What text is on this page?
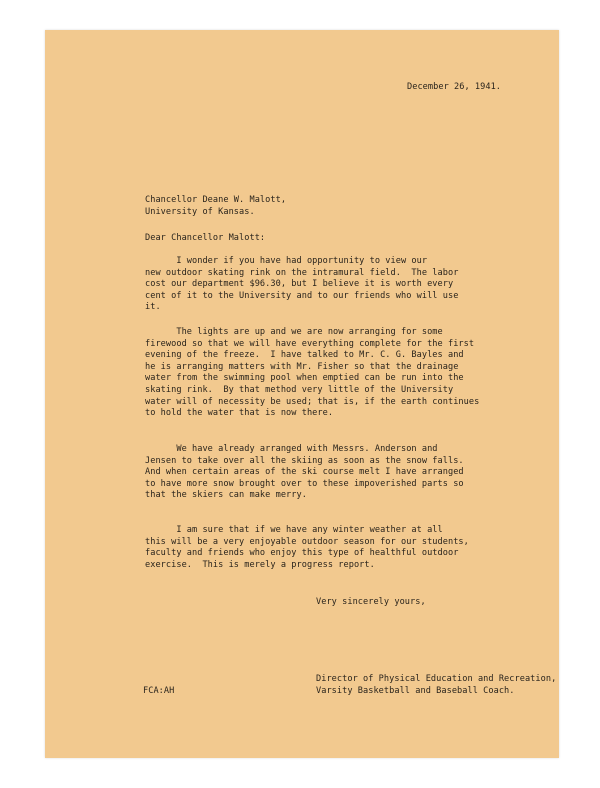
December 26, 1941.
Chancellor Deane W. Malott,
University of Kansas.
Dear Chancellor Malott:
I wonder if you have had opportunity to view our
new outdoor skating rink on the intramural field.  The labor
cost our department $96.30, but I believe it is worth every
cent of it to the University and to our friends who will use
it.
The lights are up and we are now arranging for some
firewood so that we will have everything complete for the first
evening of the freeze.  I have talked to Mr. C. G. Bayles and
he is arranging matters with Mr. Fisher so that the drainage
water from the swimming pool when emptied can be run into the
skating rink.  By that method very little of the University
water will of necessity be used; that is, if the earth continues
to hold the water that is now there.
We have already arranged with Messrs. Anderson and
Jensen to take over all the skiing as soon as the snow falls.
And when certain areas of the ski course melt I have arranged
to have more snow brought over to these impoverished parts so
that the skiers can make merry.
I am sure that if we have any winter weather at all
this will be a very enjoyable outdoor season for our students,
faculty and friends who enjoy this type of healthful outdoor
exercise.  This is merely a progress report.
Very sincerely yours,
Director of Physical Education and Recreation,
Varsity Basketball and Baseball Coach.
FCA:AH
